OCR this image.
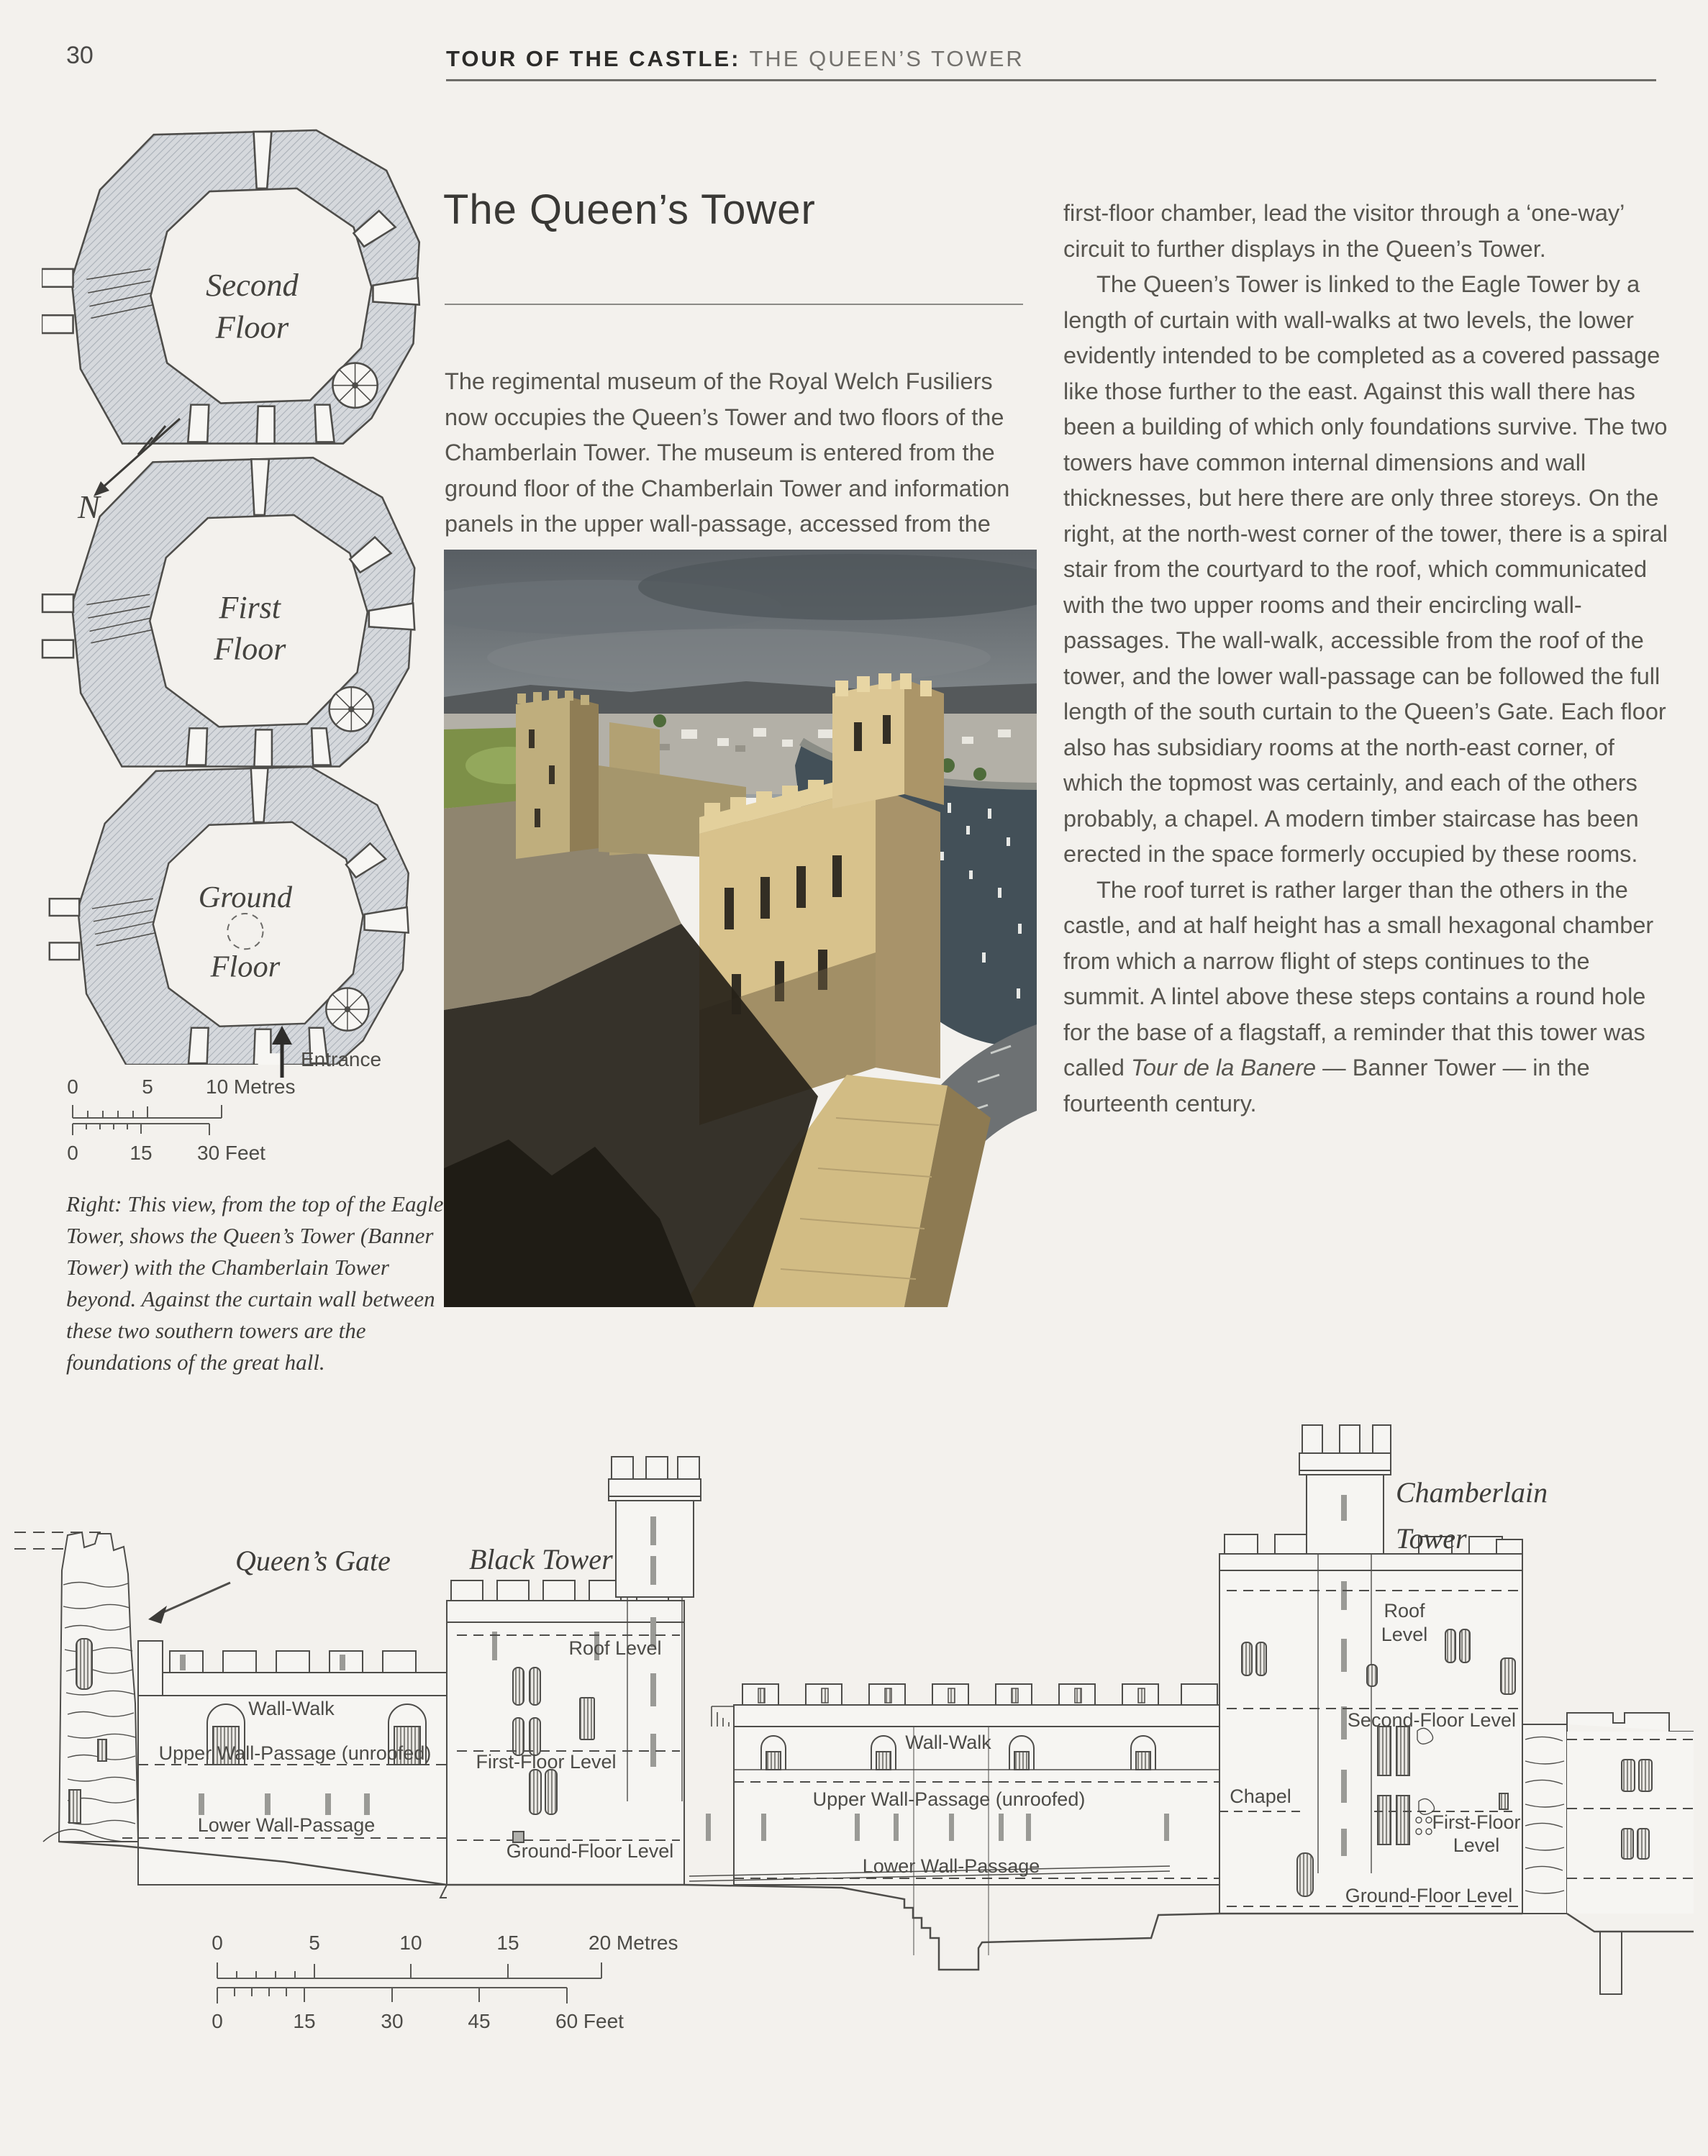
30	TOUR OF THE CASTLE: THE QUEEN’S TOWER
Second
Floor
N
First
Floor
Ground
Floor
Entrance
0	5	10 Metres
0	15 30 Feet

Right: This view, from the top of the Eagle Tower, shows the Queen’s Tower (Banner Tower) with the Chamberlain Tower beyond. Against the curtain wall between these two southern towers are the foundations of the great hall.

The Queen’s Tower

The regimental museum of the Royal Welch Fusiliers now occupies the Queen’s Tower and two floors of the Chamberlain Tower. The museum is entered from the ground floor of the Chamberlain Tower and information panels in the upper wall-passage, accessed from the

first-floor chamber, lead the visitor through a ‘one-way’ circuit to further displays in the Queen’s Tower.

The Queen’s Tower is linked to the Eagle Tower by a length of curtain with wall-walks at two levels, the lower evidently intended to be completed as a covered passage like those further to the east. Against this wall there has been a building of which only foundations survive. The two towers have common internal dimensions and wall thicknesses, but here there are only three storeys. On the right, at the north-west corner of the tower, there is a spiral stair from the courtyard to the roof, which communicated with the two upper rooms and their encircling wall-passages. The wall-walk, accessible from the roof of the tower, and the lower wall-passage can be followed the full length of the south curtain to the Queen’s Gate. Each floor also has subsidiary rooms at the north-east corner, of which the topmost was certainly, and each of the others probably, a chapel. A modern timber staircase has been erected in the space formerly occupied by these rooms.

The roof turret is rather larger than the others in the castle, and at half height has a small hexagonal chamber from which a narrow flight of steps continues to the summit. A lintel above these steps contains a round hole for the base of a flagstaff, a reminder that this tower was called Tour de la Banere — Banner Tower — in the fourteenth century.

Queen’s Gate	Black Tower
Chamberlain
Tower
Wall-Walk
Upper Wall-Passage (unroofed)
Lower Wall-Passage
Roof Level
First-Floor Level
Ground-Floor Level
Wall-Walk
Upper Wall-Passage (unroofed)
Lower Wall-Passage
Roof
Level
Second-Floor Level
Chapel
First-Floor
Level
Ground-Floor Level
0	5	10	15	20 Metres
0	15	30	45	60 Feet
